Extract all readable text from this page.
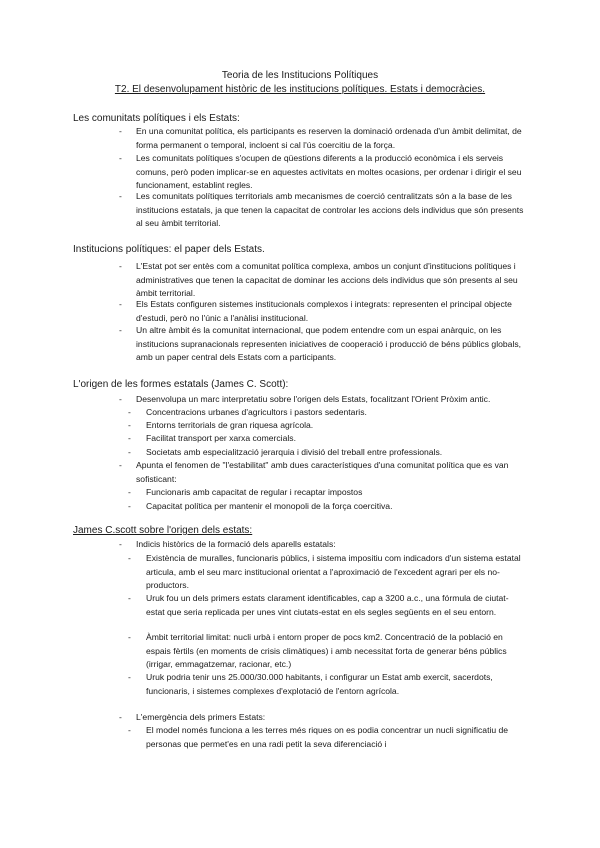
Teoria de les Institucions Polítiques
T2. El desenvolupament històric de les institucions polítiques. Estats i democràcies.
Les comunitats polítiques i els Estats:
- En una comunitat política, els participants es reserven la dominació ordenada d'un àmbit delimitat, de forma permanent o temporal, incloent si cal l'ús coercitiu de la força.
- Les comunitats polítiques s'ocupen de qüestions diferents a la producció econòmica i els serveis comuns, però poden implicar-se en aquestes activitats en moltes ocasions, per ordenar i dirigir el seu funcionament, establint regles.
- Les comunitats polítiques territorials amb mecanismes de coerció centralitzats són a la base de les institucions estatals, ja que tenen la capacitat de controlar les accions dels individus que són presents al seu àmbit territorial.
Institucions polítiques: el paper dels Estats.
- L'Estat pot ser entès com a comunitat política complexa, ambos un conjunt d'institucions polítiques i administratives que tenen la capacitat de dominar les accions dels individus que són presents al seu àmbit territorial.
- Els Estats configuren sistemes institucionals complexos i integrats: representen el principal objecte d'estudi, però no l'únic a l'anàlisi institucional.
- Un altre àmbit és la comunitat internacional, que podem entendre com un espai anàrquic, on les institucions supranacionals representen iniciatives de cooperació i producció de béns públics globals, amb un paper central dels Estats com a participants.
L'origen de les formes estatals (James C. Scott):
- Desenvolupa un marc interpretatiu sobre l'origen dels Estats, focalitzant l'Orient Pròxim antic.
- Concentracions urbanes d'agricultors i pastors sedentaris.
- Entorns territorials de gran riquesa agrícola.
- Facilitat transport per xarxa comercials.
- Societats amb especialització jerarquia i divisió del treball entre professionals.
- Apunta el fenomen de "l'estabilitat" amb dues característiques d'una comunitat política que es van sofisticant:
- Funcionaris amb capacitat de regular i recaptar impostos
- Capacitat política per mantenir el monopoli de la força coercitiva.
James C.scott sobre l'origen dels estats:
- Indicis històrics de la formació dels aparells estatals:
- Existència de muralles, funcionaris públics, i sistema impositiu com indicadors d'un sistema estatal articula, amb el seu marc institucional orientat a l'aproximació de l'excedent agrari per els no-productors.
- Uruk fou un dels primers estats clarament identificables, cap a 3200 a.c., una fórmula de ciutat-estat que seria replicada per unes vint ciutats-estat en els segles següents en el seu entorn.
- Àmbit territorial limitat: nucli urbà i entorn proper de pocs km2. Concentració de la població en espais fèrtils (en moments de crisis climàtiques) i amb necessitat forta de generar béns públics (irrigar, emmagatzemar, racionar, etc.)
- Uruk podria tenir uns 25.000/30.000 habitants, i configurar un Estat amb exercit, sacerdots, funcionaris, i sistemes complexes d'explotació de l'entorn agrícola.
- L'emergència dels primers Estats:
- El model només funciona a les terres més riques on es podia concentrar un nucli significatiu de personas que permet'es en una radi petit la seva diferenciació i
